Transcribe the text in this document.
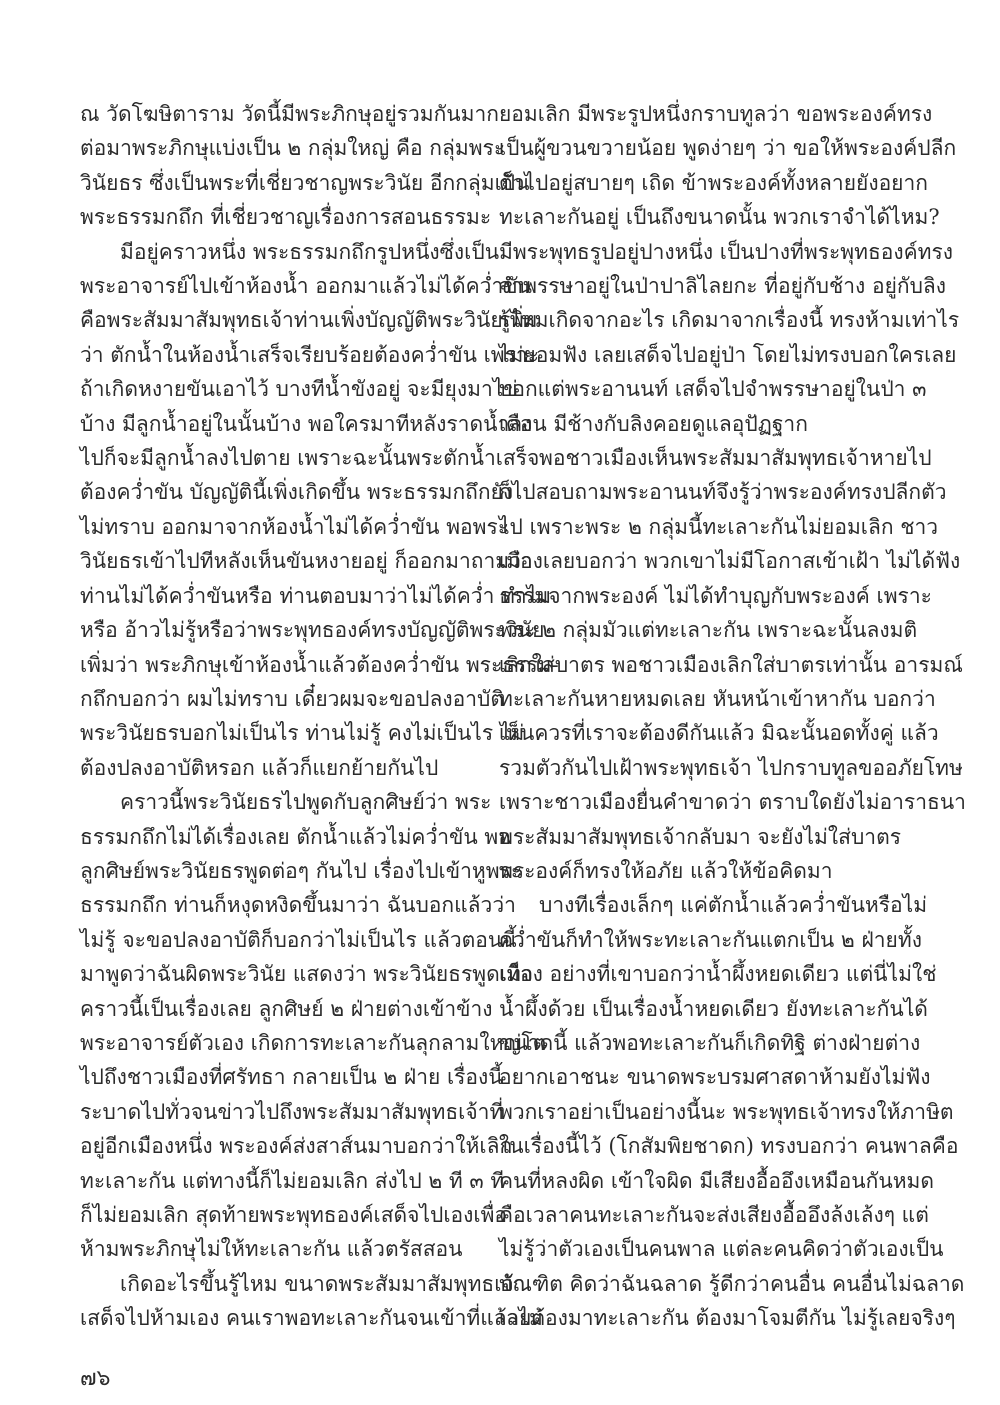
ณ วัดโฆษิตาราม วัดนี้มีพระภิกษุอยู่รวมกันมาก

ต่อมาพระภิกษุแบ่งเป็น ๒ กลุ่มใหญ่ คือ กลุ่มพระ

วินัยธร ซึ่งเป็นพระที่เชี่ยวชาญพระวินัย อีกกลุ่มเป็น

พระธรรมกถึก ที่เชี่ยวชาญเรื่องการสอนธรรมะ

มีอยู่คราวหนึ่ง พระธรรมกถึกรูปหนึ่งซึ่งเป็น

พระอาจารย์ไปเข้าห้องน้ำ ออกมาแล้วไม่ได้คว่ำขัน

คือพระสัมมาสัมพุทธเจ้าท่านเพิ่งบัญญัติพระวินัยเพิ่ม

ว่า ตักน้ำในห้องน้ำเสร็จเรียบร้อยต้องคว่ำขัน เพราะ

ถ้าเกิดหงายขันเอาไว้ บางทีน้ำขังอยู่ จะมียุงมาไข่

บ้าง มีลูกน้ำอยู่ในนั้นบ้าง พอใครมาทีหลังราดน้ำลง

ไปก็จะมีลูกน้ำลงไปตาย เพราะฉะนั้นพระตักน้ำเสร็จ

ต้องคว่ำขัน บัญญัตินี้เพิ่งเกิดขึ้น พระธรรมกถึกยัง

ไม่ทราบ ออกมาจากห้องน้ำไม่ได้คว่ำขัน พอพระ

วินัยธรเข้าไปทีหลังเห็นขันหงายอยู่ ก็ออกมาถามว่า

ท่านไม่ได้คว่ำขันหรือ ท่านตอบมาว่าไม่ได้คว่ำ ทำไม

หรือ อ้าวไม่รู้หรือว่าพระพุทธองค์ทรงบัญญัติพระวินัย

เพิ่มว่า พระภิกษุเข้าห้องน้ำแล้วต้องคว่ำขัน พระธรรม-

กถึกบอกว่า ผมไม่ทราบ เดี๋ยวผมจะขอปลงอาบัติ

พระวินัยธรบอกไม่เป็นไร ท่านไม่รู้ คงไม่เป็นไร ไม่

ต้องปลงอาบัติหรอก แล้วก็แยกย้ายกันไป

คราวนี้พระวินัยธรไปพูดกับลูกศิษย์ว่า พระ

ธรรมกถึกไม่ได้เรื่องเลย ตักน้ำแล้วไม่คว่ำขัน พอ

ลูกศิษย์พระวินัยธรพูดต่อๆ กันไป เรื่องไปเข้าหูพระ

ธรรมกถึก ท่านก็หงุดหงิดขึ้นมาว่า ฉันบอกแล้วว่า

ไม่รู้ จะขอปลงอาบัติก็บอกว่าไม่เป็นไร แล้วตอนนี้

มาพูดว่าฉันผิดพระวินัย แสดงว่า พระวินัยธรพูดเท็จ

คราวนี้เป็นเรื่องเลย ลูกศิษย์ ๒ ฝ่ายต่างเข้าข้าง

พระอาจารย์ตัวเอง เกิดการทะเลาะกันลุกลามใหญ่โต

ไปถึงชาวเมืองที่ศรัทธา กลายเป็น ๒ ฝ่าย เรื่องนี้

ระบาดไปทั่วจนข่าวไปถึงพระสัมมาสัมพุทธเจ้าที่

อยู่อีกเมืองหนึ่ง พระองค์ส่งสาส์นมาบอกว่าให้เลิก

ทะเลาะกัน แต่ทางนี้ก็ไม่ยอมเลิก ส่งไป ๒ ที ๓ ที

ก็ไม่ยอมเลิก สุดท้ายพระพุทธองค์เสด็จไปเองเพื่อ

ห้ามพระภิกษุไม่ให้ทะเลาะกัน แล้วตรัสสอน

เกิดอะไรขึ้นรู้ไหม ขนาดพระสัมมาสัมพุทธเจ้า

เสด็จไปห้ามเอง คนเราพอทะเลาะกันจนเข้าที่แล้วไม่

ยอมเลิก มีพระรูปหนึ่งกราบทูลว่า ขอพระองค์ทรง

เป็นผู้ขวนขวายน้อย พูดง่ายๆ ว่า ขอให้พระองค์ปลีก

ตัวไปอยู่สบายๆ เถิด ข้าพระองค์ทั้งหลายยังอยาก

ทะเลาะกันอยู่ เป็นถึงขนาดนั้น พวกเราจำได้ไหม?

มีพระพุทธรูปอยู่ปางหนึ่ง เป็นปางที่พระพุทธองค์ทรง

จำพรรษาอยู่ในป่าปาลิไลยกะ ที่อยู่กับช้าง อยู่กับลิง

รู้ไหมเกิดจากอะไร เกิดมาจากเรื่องนี้ ทรงห้ามเท่าไร

ไม่ยอมฟัง เลยเสด็จไปอยู่ป่า โดยไม่ทรงบอกใครเลย

บอกแต่พระอานนท์ เสด็จไปจำพรรษาอยู่ในป่า ๓

เดือน มีช้างกับลิงคอยดูแลอุปัฏฐาก

พอชาวเมืองเห็นพระสัมมาสัมพุทธเจ้าหายไป

ก็ไปสอบถามพระอานนท์จึงรู้ว่าพระองค์ทรงปลีกตัว

ไป เพราะพระ ๒ กลุ่มนี้ทะเลาะกันไม่ยอมเลิก ชาว

เมืองเลยบอกว่า พวกเขาไม่มีโอกาสเข้าเฝ้า ไม่ได้ฟัง

ธรรมจากพระองค์ ไม่ได้ทำบุญกับพระองค์ เพราะ

พระ ๒ กลุ่มมัวแต่ทะเลาะกัน เพราะฉะนั้นลงมติ

เลิกใส่บาตร พอชาวเมืองเลิกใส่บาตรเท่านั้น อารมณ์

ทะเลาะกันหายหมดเลย หันหน้าเข้าหากัน บอกว่า

เห็นควรที่เราจะต้องดีกันแล้ว มิฉะนั้นอดทั้งคู่ แล้ว

รวมตัวกันไปเฝ้าพระพุทธเจ้า ไปกราบทูลขออภัยโทษ

เพราะชาวเมืองยื่นคำขาดว่า ตราบใดยังไม่อาราธนา

พระสัมมาสัมพุทธเจ้ากลับมา จะยังไม่ใส่บาตร

พระองค์ก็ทรงให้อภัย แล้วให้ข้อคิดมา

บางทีเรื่องเล็กๆ แค่ตักน้ำแล้วคว่ำขันหรือไม่

คว่ำขันก็ทำให้พระทะเลาะกันแตกเป็น ๒ ฝ่ายทั้ง

เมือง อย่างที่เขาบอกว่าน้ำผึ้งหยดเดียว แต่นี่ไม่ใช่

น้ำผึ้งด้วย เป็นเรื่องน้ำหยดเดียว ยังทะเลาะกันได้

ขนาดนี้ แล้วพอทะเลาะกันก็เกิดทิฐิ ต่างฝ่ายต่าง

อยากเอาชนะ ขนาดพระบรมศาสดาห้ามยังไม่ฟัง

พวกเราอย่าเป็นอย่างนี้นะ พระพุทธเจ้าทรงให้ภาษิต

ในเรื่องนี้ไว้ (โกสัมพิยชาดก) ทรงบอกว่า คนพาลคือ

คนที่หลงผิด เข้าใจผิด มีเสียงอื้ออึงเหมือนกันหมด

คือเวลาคนทะเลาะกันจะส่งเสียงอื้ออึงล้งเล้งๆ แต่

ไม่รู้ว่าตัวเองเป็นคนพาล แต่ละคนคิดว่าตัวเองเป็น

บัณฑิต คิดว่าฉันฉลาด รู้ดีกว่าคนอื่น คนอื่นไม่ฉลาด

เลยต้องมาทะเลาะกัน ต้องมาโจมตีกัน ไม่รู้เลยจริงๆ

๗๖
